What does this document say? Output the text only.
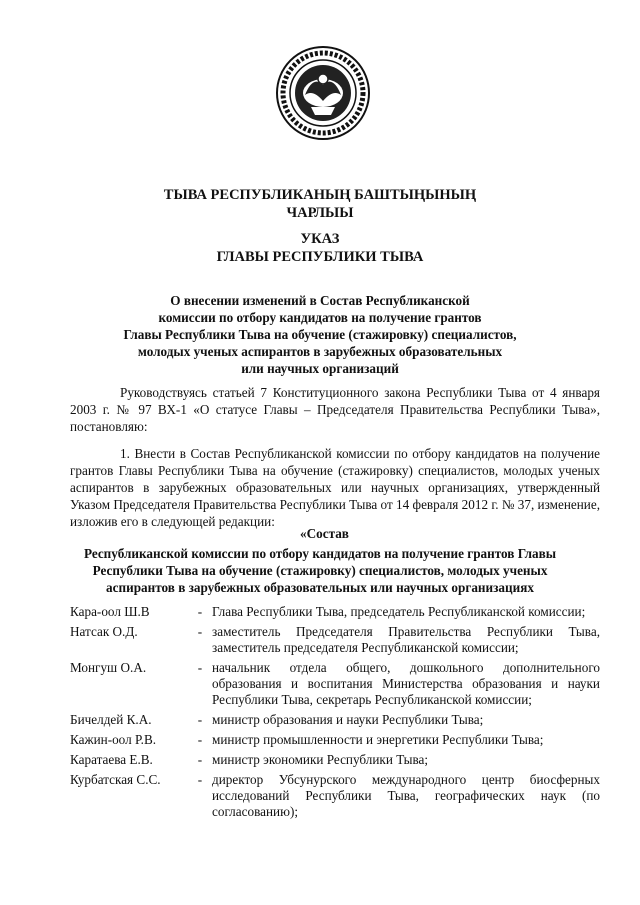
ТЫВА РЕСПУБЛИКАНЫҢ БАШТЫҢЫНЫҢ
ЧАРЛЫЫ
УКАЗ
ГЛАВЫ РЕСПУБЛИКИ ТЫВА
О внесении изменений в Состав Республиканской
комиссии по отбору кандидатов на получение грантов
Главы Республики Тыва на обучение (стажировку) специалистов,
молодых ученых аспирантов в зарубежных образовательных
или научных организаций
Руководствуясь статьей 7 Конституционного закона Республики Тыва от 4 января 2003 г. № 97 ВХ-1 «О статусе Главы – Председателя Правительства Республики Тыва», постановляю:
1. Внести в Состав Республиканской комиссии по отбору кандидатов на получение грантов Главы Республики Тыва на обучение (стажировку) специалистов, молодых ученых аспирантов в зарубежных образовательных или научных организациях, утвержденный Указом Председателя Правительства Республики Тыва от 14 февраля 2012 г. № 37, изменение, изложив его в следующей редакции:
«Состав
Республиканской комиссии по отбору кандидатов на получение грантов Главы
Республики Тыва на обучение (стажировку) специалистов, молодых ученых
аспирантов в зарубежных образовательных или научных организациях
Кара-оол Ш.В	- Глава Республики Тыва, председатель Республиканской комиссии;
Натсак О.Д.	- заместитель Председателя Правительства Республики Тыва, заместитель председателя Республиканской комиссии;
Монгуш О.А.	- начальник отдела общего, дошкольного дополнительного образования и воспитания Министерства образования и науки Республики Тыва, секретарь Республиканской комиссии;
Бичелдей К.А.	- министр образования и науки Республики Тыва;
Кажин-оол Р.В.	- министр промышленности и энергетики Республики Тыва;
Каратаева Е.В.	- министр экономики Республики Тыва;
Курбатская С.С.	- директор Убсунурского международного центр биосферных исследований Республики Тыва, географических наук (по согласованию);
